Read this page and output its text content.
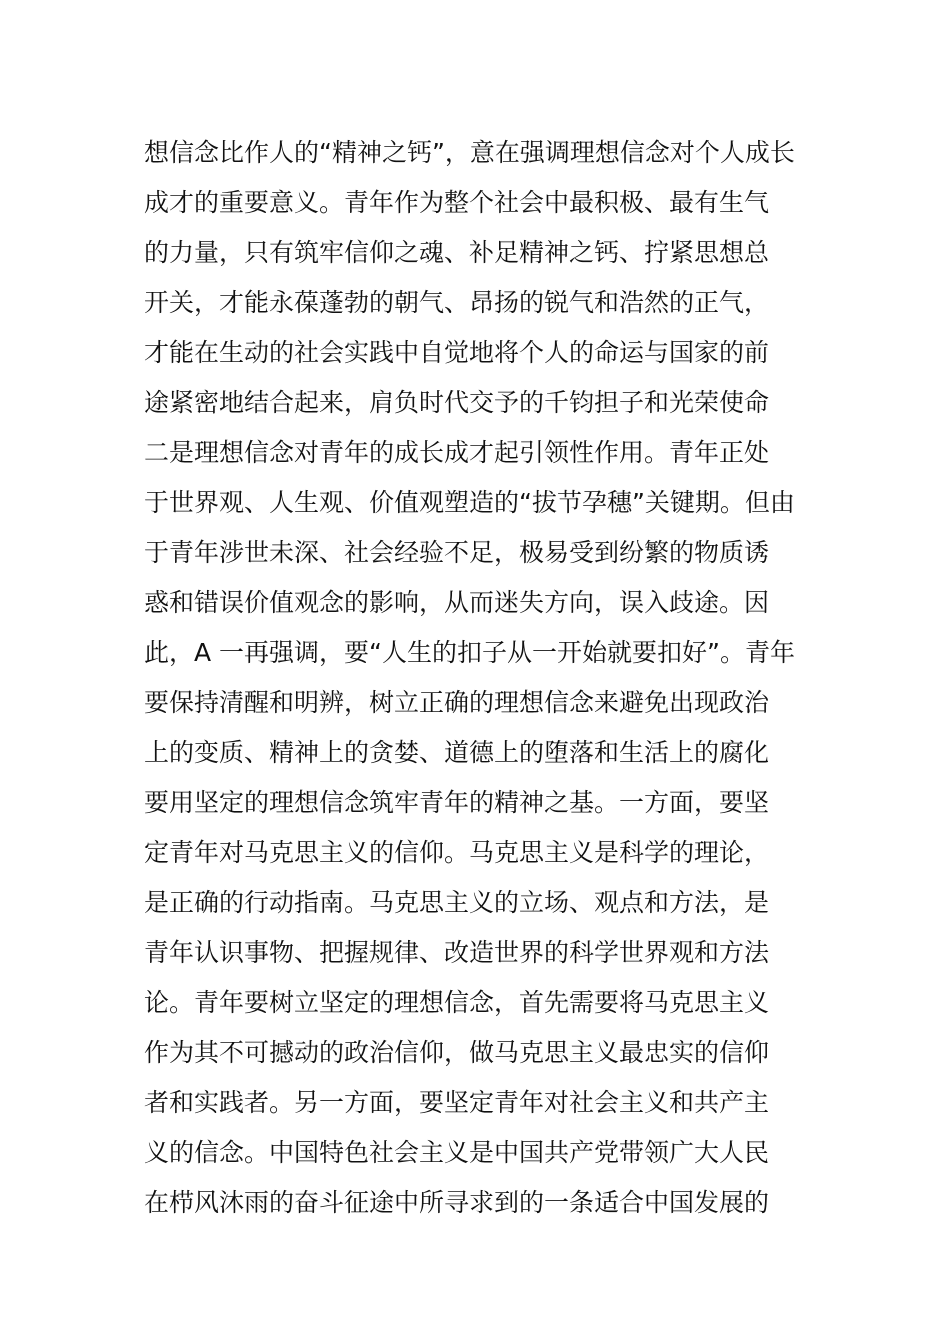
想信念比作人的“精神之钙”，意在强调理想信念对个人成长
成才的重要意义。青年作为整个社会中最积极、最有生气
的力量，只有筑牢信仰之魂、补足精神之钙、拧紧思想总
开关，才能永葆蓬勃的朝气、昂扬的锐气和浩然的正气，
才能在生动的社会实践中自觉地将个人的命运与国家的前
途紧密地结合起来，肩负时代交予的千钧担子和光荣使命
二是理想信念对青年的成长成才起引领性作用。青年正处
于世界观、人生观、价值观塑造的“拔节孕穗”关键期。但由
于青年涉世未深、社会经验不足，极易受到纷繁的物质诱
惑和错误价值观念的影响，从而迷失方向，误入歧途。因
此，A 一再强调，要“人生的扣子从一开始就要扣好”。青年
要保持清醒和明辨，树立正确的理想信念来避免出现政治
上的变质、精神上的贪婪、道德上的堕落和生活上的腐化
要用坚定的理想信念筑牢青年的精神之基。一方面，要坚
定青年对马克思主义的信仰。马克思主义是科学的理论，
是正确的行动指南。马克思主义的立场、观点和方法，是
青年认识事物、把握规律、改造世界的科学世界观和方法
论。青年要树立坚定的理想信念，首先需要将马克思主义
作为其不可撼动的政治信仰，做马克思主义最忠实的信仰
者和实践者。另一方面，要坚定青年对社会主义和共产主
义的信念。中国特色社会主义是中国共产党带领广大人民
在栉风沐雨的奋斗征途中所寻求到的一条适合中国发展的
